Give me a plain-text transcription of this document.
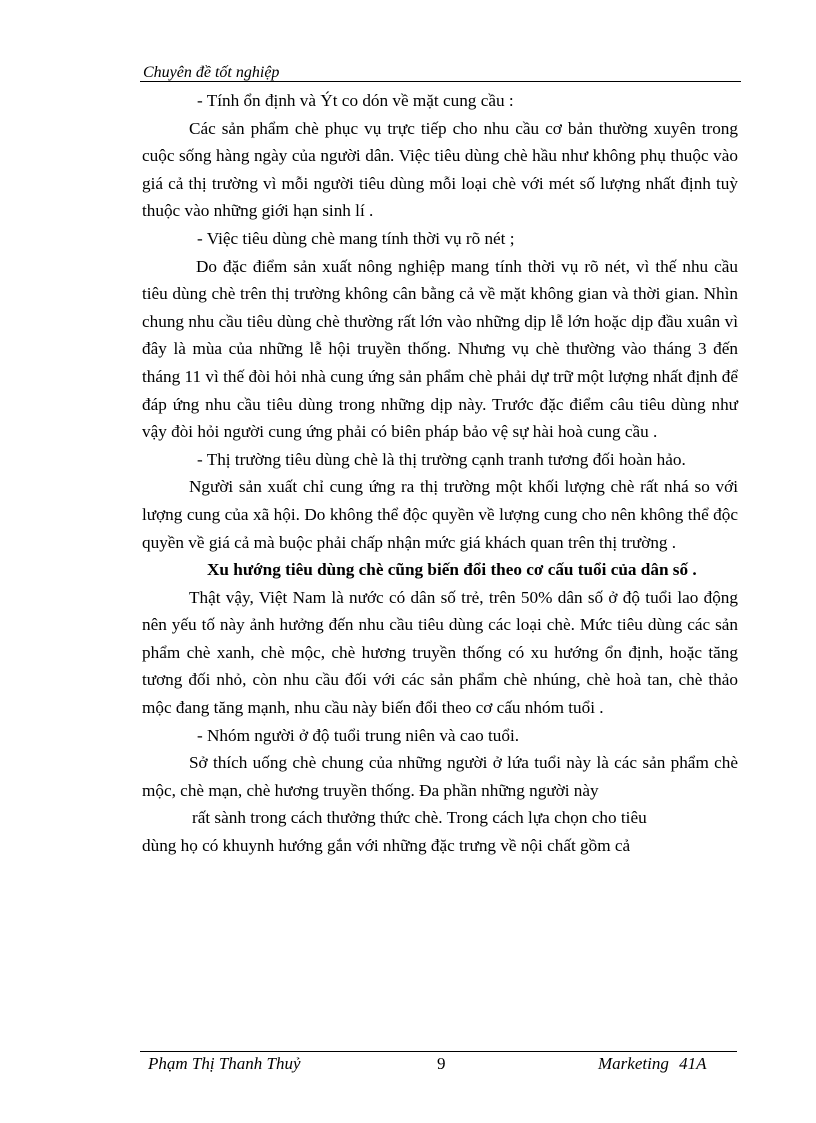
Chuyên đề tốt nghiệp

- Tính ổn định và Ýt co dón về mặt cung cầu :

Các sản phẩm chè phục vụ trực tiếp cho nhu cầu cơ bản thường xuyên trong cuộc sống hàng ngày của người dân. Việc tiêu dùng chè hầu như không phụ thuộc vào giá cả thị trường vì mỗi người tiêu dùng mỗi loại chè với mét số lượng nhất định tuỳ thuộc vào những giới hạn sinh lí .

- Việc tiêu dùng chè mang tính thời vụ rõ nét ;

Do đặc điểm sản xuất nông nghiệp mang tính thời vụ rõ nét, vì thế nhu cầu tiêu dùng chè trên thị trường không cân bằng cả về mặt không gian và thời gian. Nhìn chung nhu cầu tiêu dùng chè thường rất lớn vào những dịp lễ lớn hoặc dịp đầu xuân vì đây là mùa của những lễ hội truyền thống. Nhưng vụ chè thường vào tháng 3 đến tháng 11 vì thế đòi hỏi nhà cung ứng sản phẩm chè phải dự trữ một lượng nhất định để đáp ứng nhu cầu tiêu dùng trong những dịp này. Trước đặc điểm câu tiêu dùng như vậy đòi hỏi người cung ứng phải có biên pháp bảo vệ sự hài hoà cung cầu .

- Thị trường tiêu dùng chè là thị trường cạnh tranh tương đối hoàn hảo.

Người sản xuất chỉ cung ứng ra thị trường một khối lượng chè rất nhá so với lượng cung của xã hội. Do không thể độc quyền về lượng cung cho nên không thể độc quyền về giá cả mà buộc phải chấp nhận mức giá khách quan trên thị trường .

Xu hướng tiêu dùng chè cũng biến đổi theo cơ cấu tuổi của dân số .

Thật vậy, Việt Nam là nước có dân số trẻ, trên 50% dân số ở độ tuổi lao động nên yếu tố này ảnh hưởng đến nhu cầu tiêu dùng các loại chè. Mức tiêu dùng các sản phẩm chè xanh, chè mộc, chè hương truyền thống có xu hướng ổn định, hoặc tăng tương đối nhỏ, còn nhu cầu đối với các sản phẩm chè nhúng, chè hoà tan, chè thảo mộc đang tăng mạnh, nhu cầu này biến đổi theo cơ cấu nhóm tuổi .

- Nhóm người ở độ tuổi trung niên và cao tuổi.

Sở thích uống chè chung của những người ở lứa tuổi này là các sản phẩm chè mộc, chè mạn, chè hương truyền thống. Đa phần những người này

rất sành trong cách thưởng thức chè. Trong cách lựa chọn cho tiêu

dùng họ có khuynh hướng gắn với những đặc trưng về nội chất gồm cả

Phạm Thị Thanh Thuỷ	9	Marketing 41A
